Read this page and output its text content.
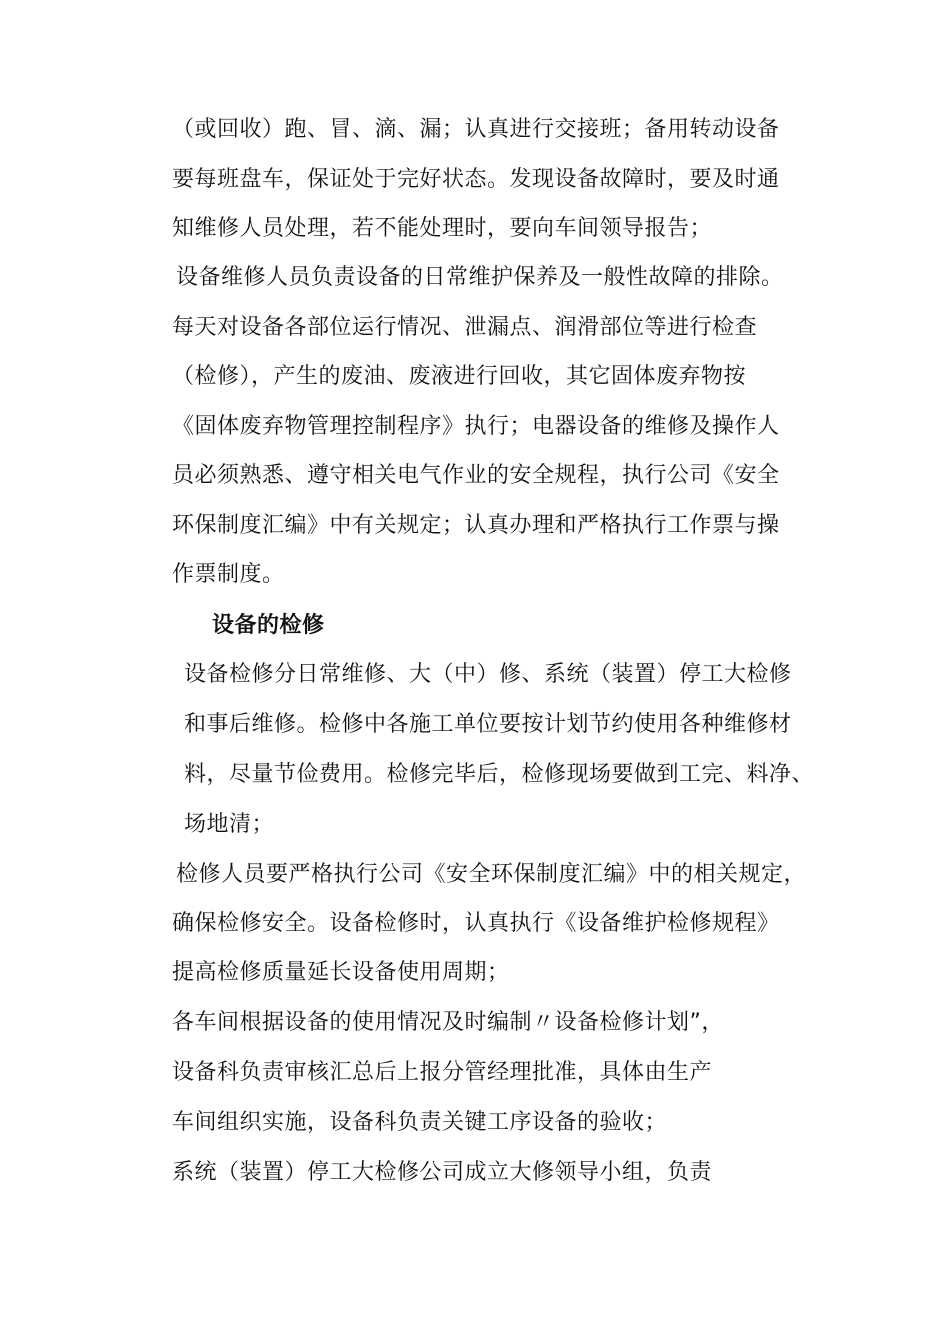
（或回收）跑、冒、滴、漏；认真进行交接班；备用转动设备
要每班盘车，保证处于完好状态。发现设备故障时，要及时通
知维修人员处理，若不能处理时，要向车间领导报告；
设备维修人员负责设备的日常维护保养及一般性故障的排除。
每天对设备各部位运行情况、泄漏点、润滑部位等进行检查
（检修），产生的废油、废液进行回收，其它固体废弃物按
《固体废弃物管理控制程序》执行；电器设备的维修及操作人
员必须熟悉、遵守相关电气作业的安全规程，执行公司《安全
环保制度汇编》中有关规定；认真办理和严格执行工作票与操
作票制度。
设备的检修
设备检修分日常维修、大（中）修、系统（装置）停工大检修
和事后维修。检修中各施工单位要按计划节约使用各种维修材
料，尽量节俭费用。检修完毕后，检修现场要做到工完、料净、
场地清；
检修人员要严格执行公司《安全环保制度汇编》中的相关规定，
确保检修安全。设备检修时，认真执行《设备维护检修规程》
提高检修质量延长设备使用周期；
各车间根据设备的使用情况及时编制〃设备检修计划”，
设备科负责审核汇总后上报分管经理批准，具体由生产
车间组织实施，设备科负责关键工序设备的验收；
系统（装置）停工大检修公司成立大修领导小组，负责
